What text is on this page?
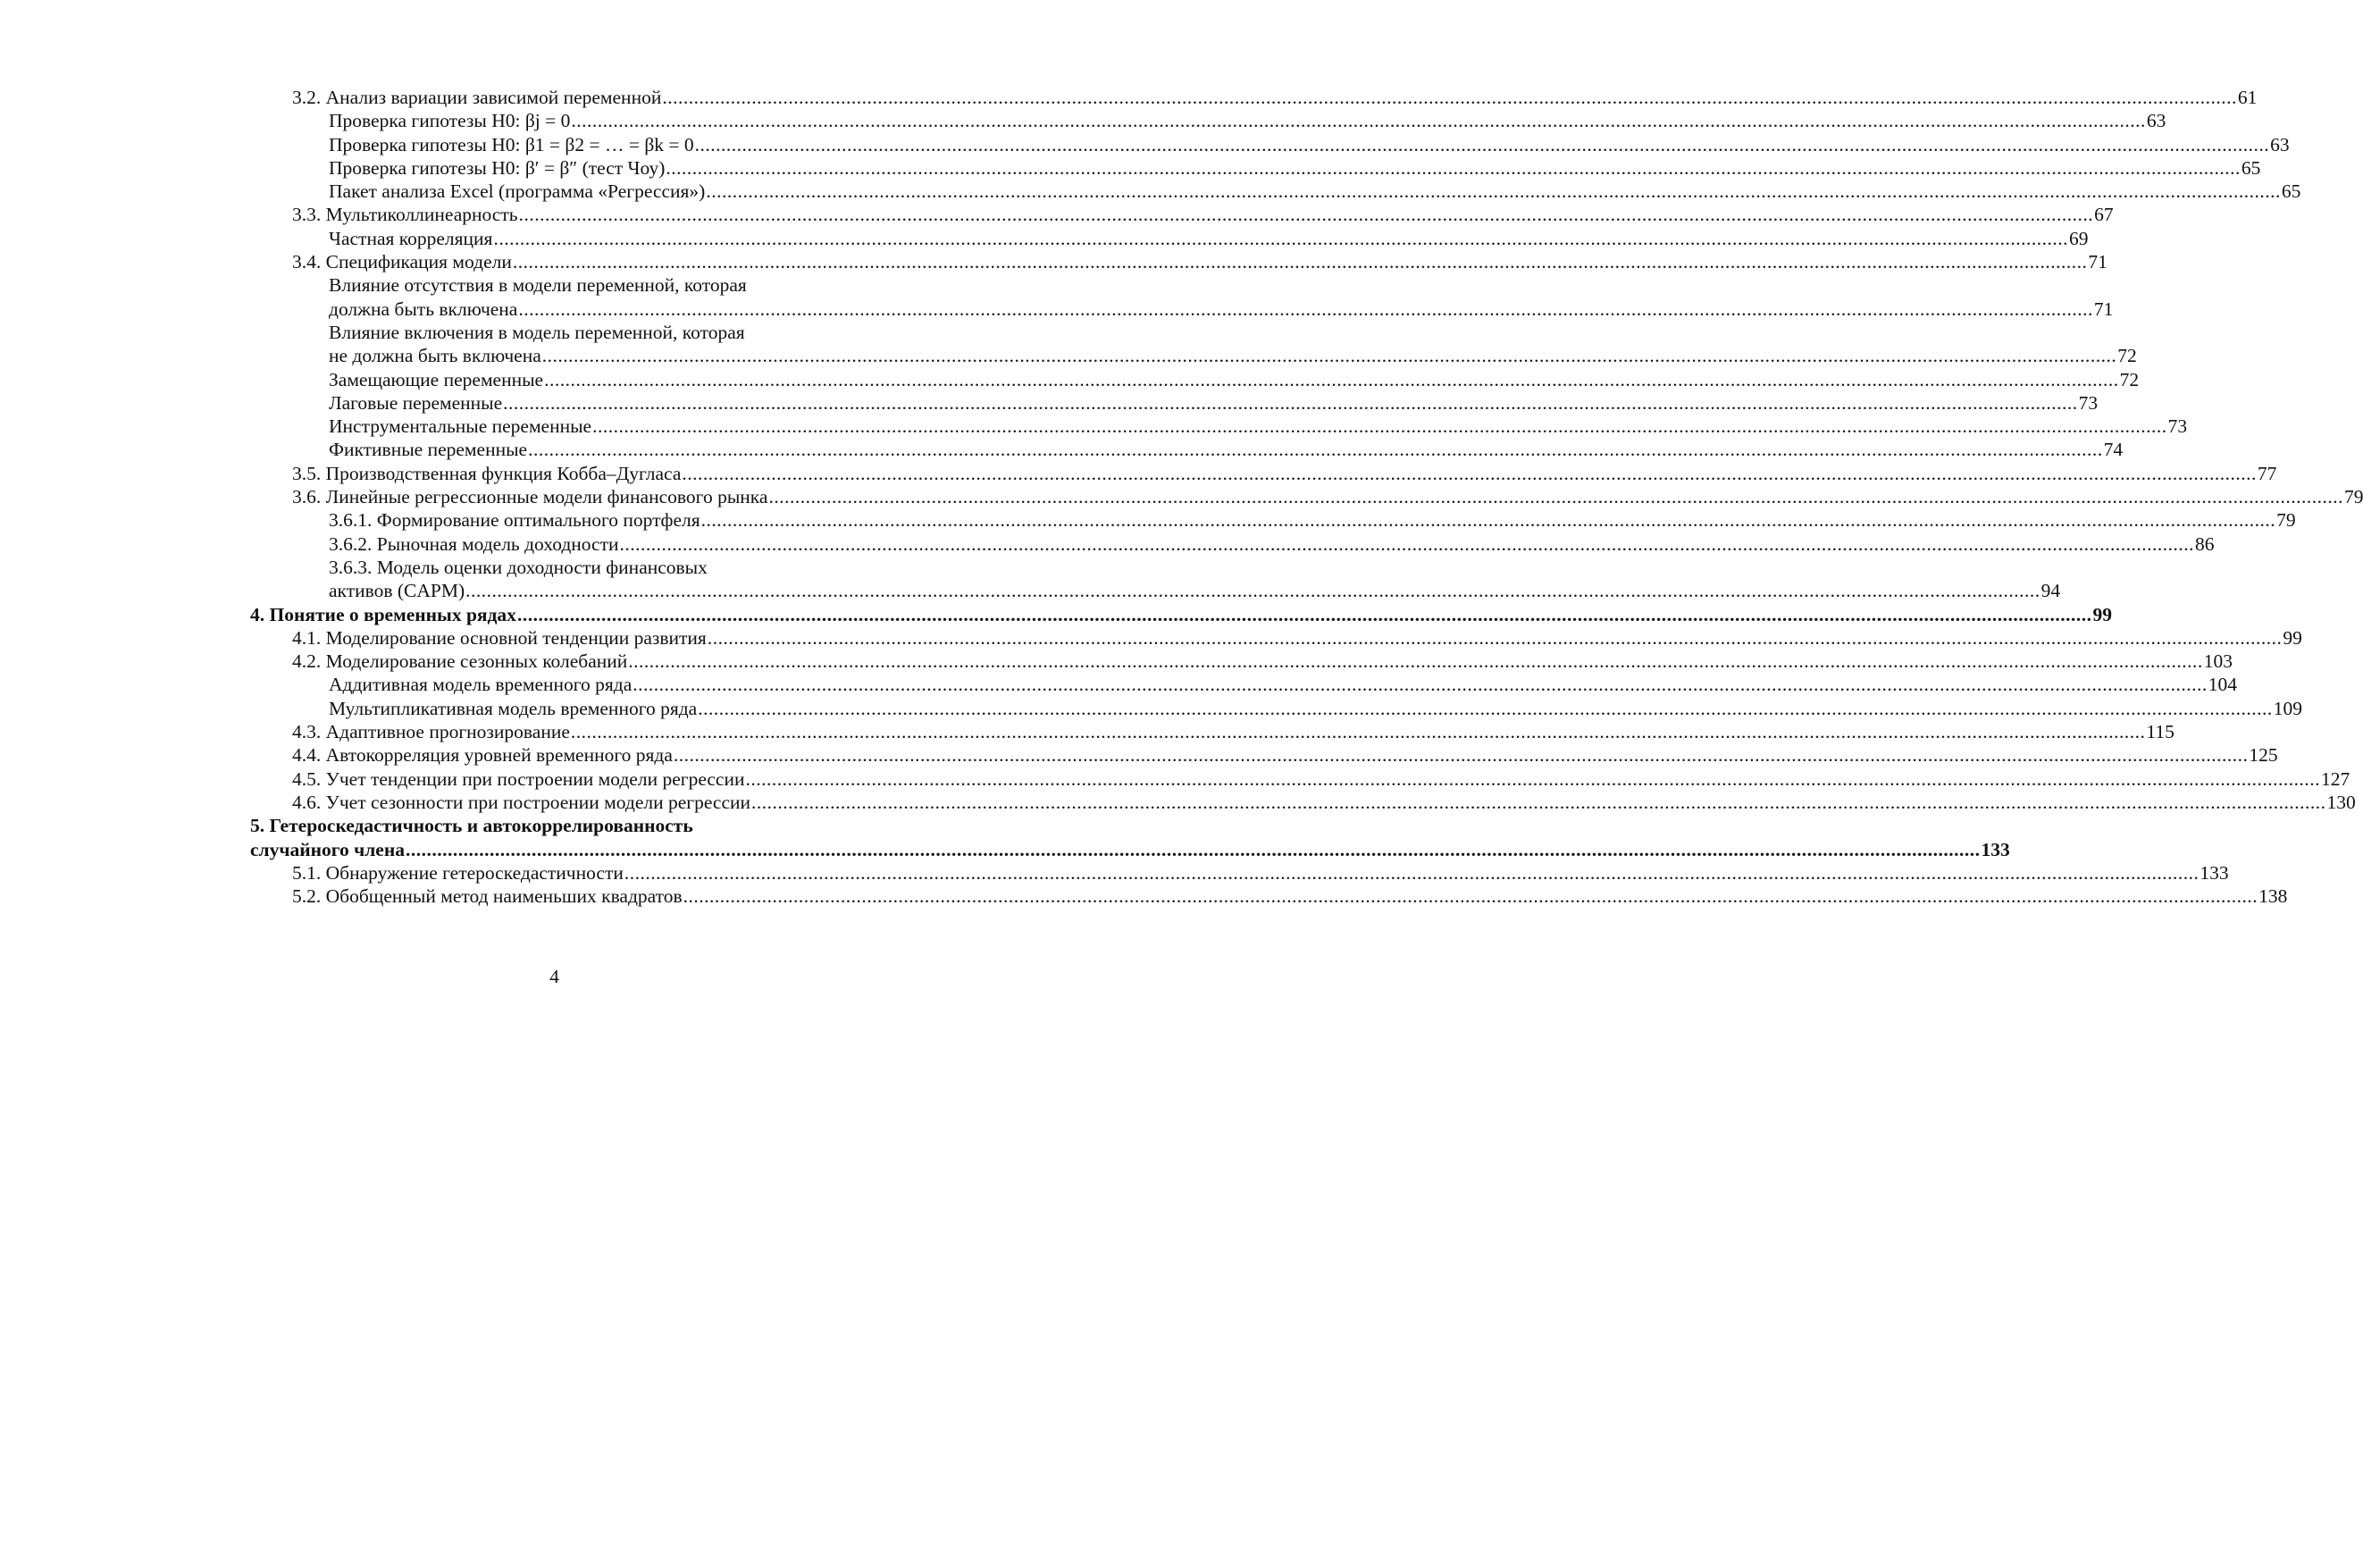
3.2. Анализ вариации зависимой переменной ............................................................................................................................................................................................................................................................................................................ 61
Проверка гипотезы H0: βj = 0 ............................................................................................................................................................................................................................................................................................................ 63
Проверка гипотезы H0: β1 = β2 = … = βk = 0 ............................................................................................................................................................................................................................................................................................................ 63
Проверка гипотезы H0: β′ = β″ (тест Чоу) ............................................................................................................................................................................................................................................................................................................ 65
Пакет анализа Excel (программа «Регрессия») ............................................................................................................................................................................................................................................................................................................ 65
3.3. Мультиколлинеарность ............................................................................................................................................................................................................................................................................................................ 67
Частная корреляция ............................................................................................................................................................................................................................................................................................................ 69
3.4. Спецификация модели ............................................................................................................................................................................................................................................................................................................ 71
Влияние отсутствия в модели переменной, которая
должна быть включена ............................................................................................................................................................................................................................................................................................................ 71
Влияние включения в модель переменной, которая
не должна быть включена ............................................................................................................................................................................................................................................................................................................ 72
Замещающие переменные ............................................................................................................................................................................................................................................................................................................ 72
Лаговые переменные ............................................................................................................................................................................................................................................................................................................ 73
Инструментальные переменные ............................................................................................................................................................................................................................................................................................................ 73
Фиктивные переменные ............................................................................................................................................................................................................................................................................................................ 74
3.5. Производственная функция Кобба–Дугласа ............................................................................................................................................................................................................................................................................................................ 77
3.6. Линейные регрессионные модели финансового рынка ............................................................................................................................................................................................................................................................................................................ 79
3.6.1. Формирование оптимального портфеля ............................................................................................................................................................................................................................................................................................................ 79
3.6.2. Рыночная модель доходности ............................................................................................................................................................................................................................................................................................................ 86
3.6.3. Модель оценки доходности финансовых
активов (CAPM) ............................................................................................................................................................................................................................................................................................................ 94
4. Понятие о временных рядах ............................................................................................................................................................................................................................................................................................................ 99
4.1. Моделирование основной тенденции развития ............................................................................................................................................................................................................................................................................................................ 99
4.2. Моделирование сезонных колебаний ............................................................................................................................................................................................................................................................................................................ 103
Аддитивная модель временного ряда ............................................................................................................................................................................................................................................................................................................ 104
Мультипликативная модель временного ряда ............................................................................................................................................................................................................................................................................................................ 109
4.3. Адаптивное прогнозирование ............................................................................................................................................................................................................................................................................................................ 115
4.4. Автокорреляция уровней временного ряда ............................................................................................................................................................................................................................................................................................................ 125
4.5. Учет тенденции при построении модели регрессии ............................................................................................................................................................................................................................................................................................................ 127
4.6. Учет сезонности при построении модели регрессии ............................................................................................................................................................................................................................................................................................................ 130
5. Гетероскедастичность и автокоррелированность
случайного члена ............................................................................................................................................................................................................................................................................................................ 133
5.1. Обнаружение гетероскедастичности ............................................................................................................................................................................................................................................................................................................ 133
5.2. Обобщенный метод наименьших квадратов ............................................................................................................................................................................................................................................................................................................ 138
4
